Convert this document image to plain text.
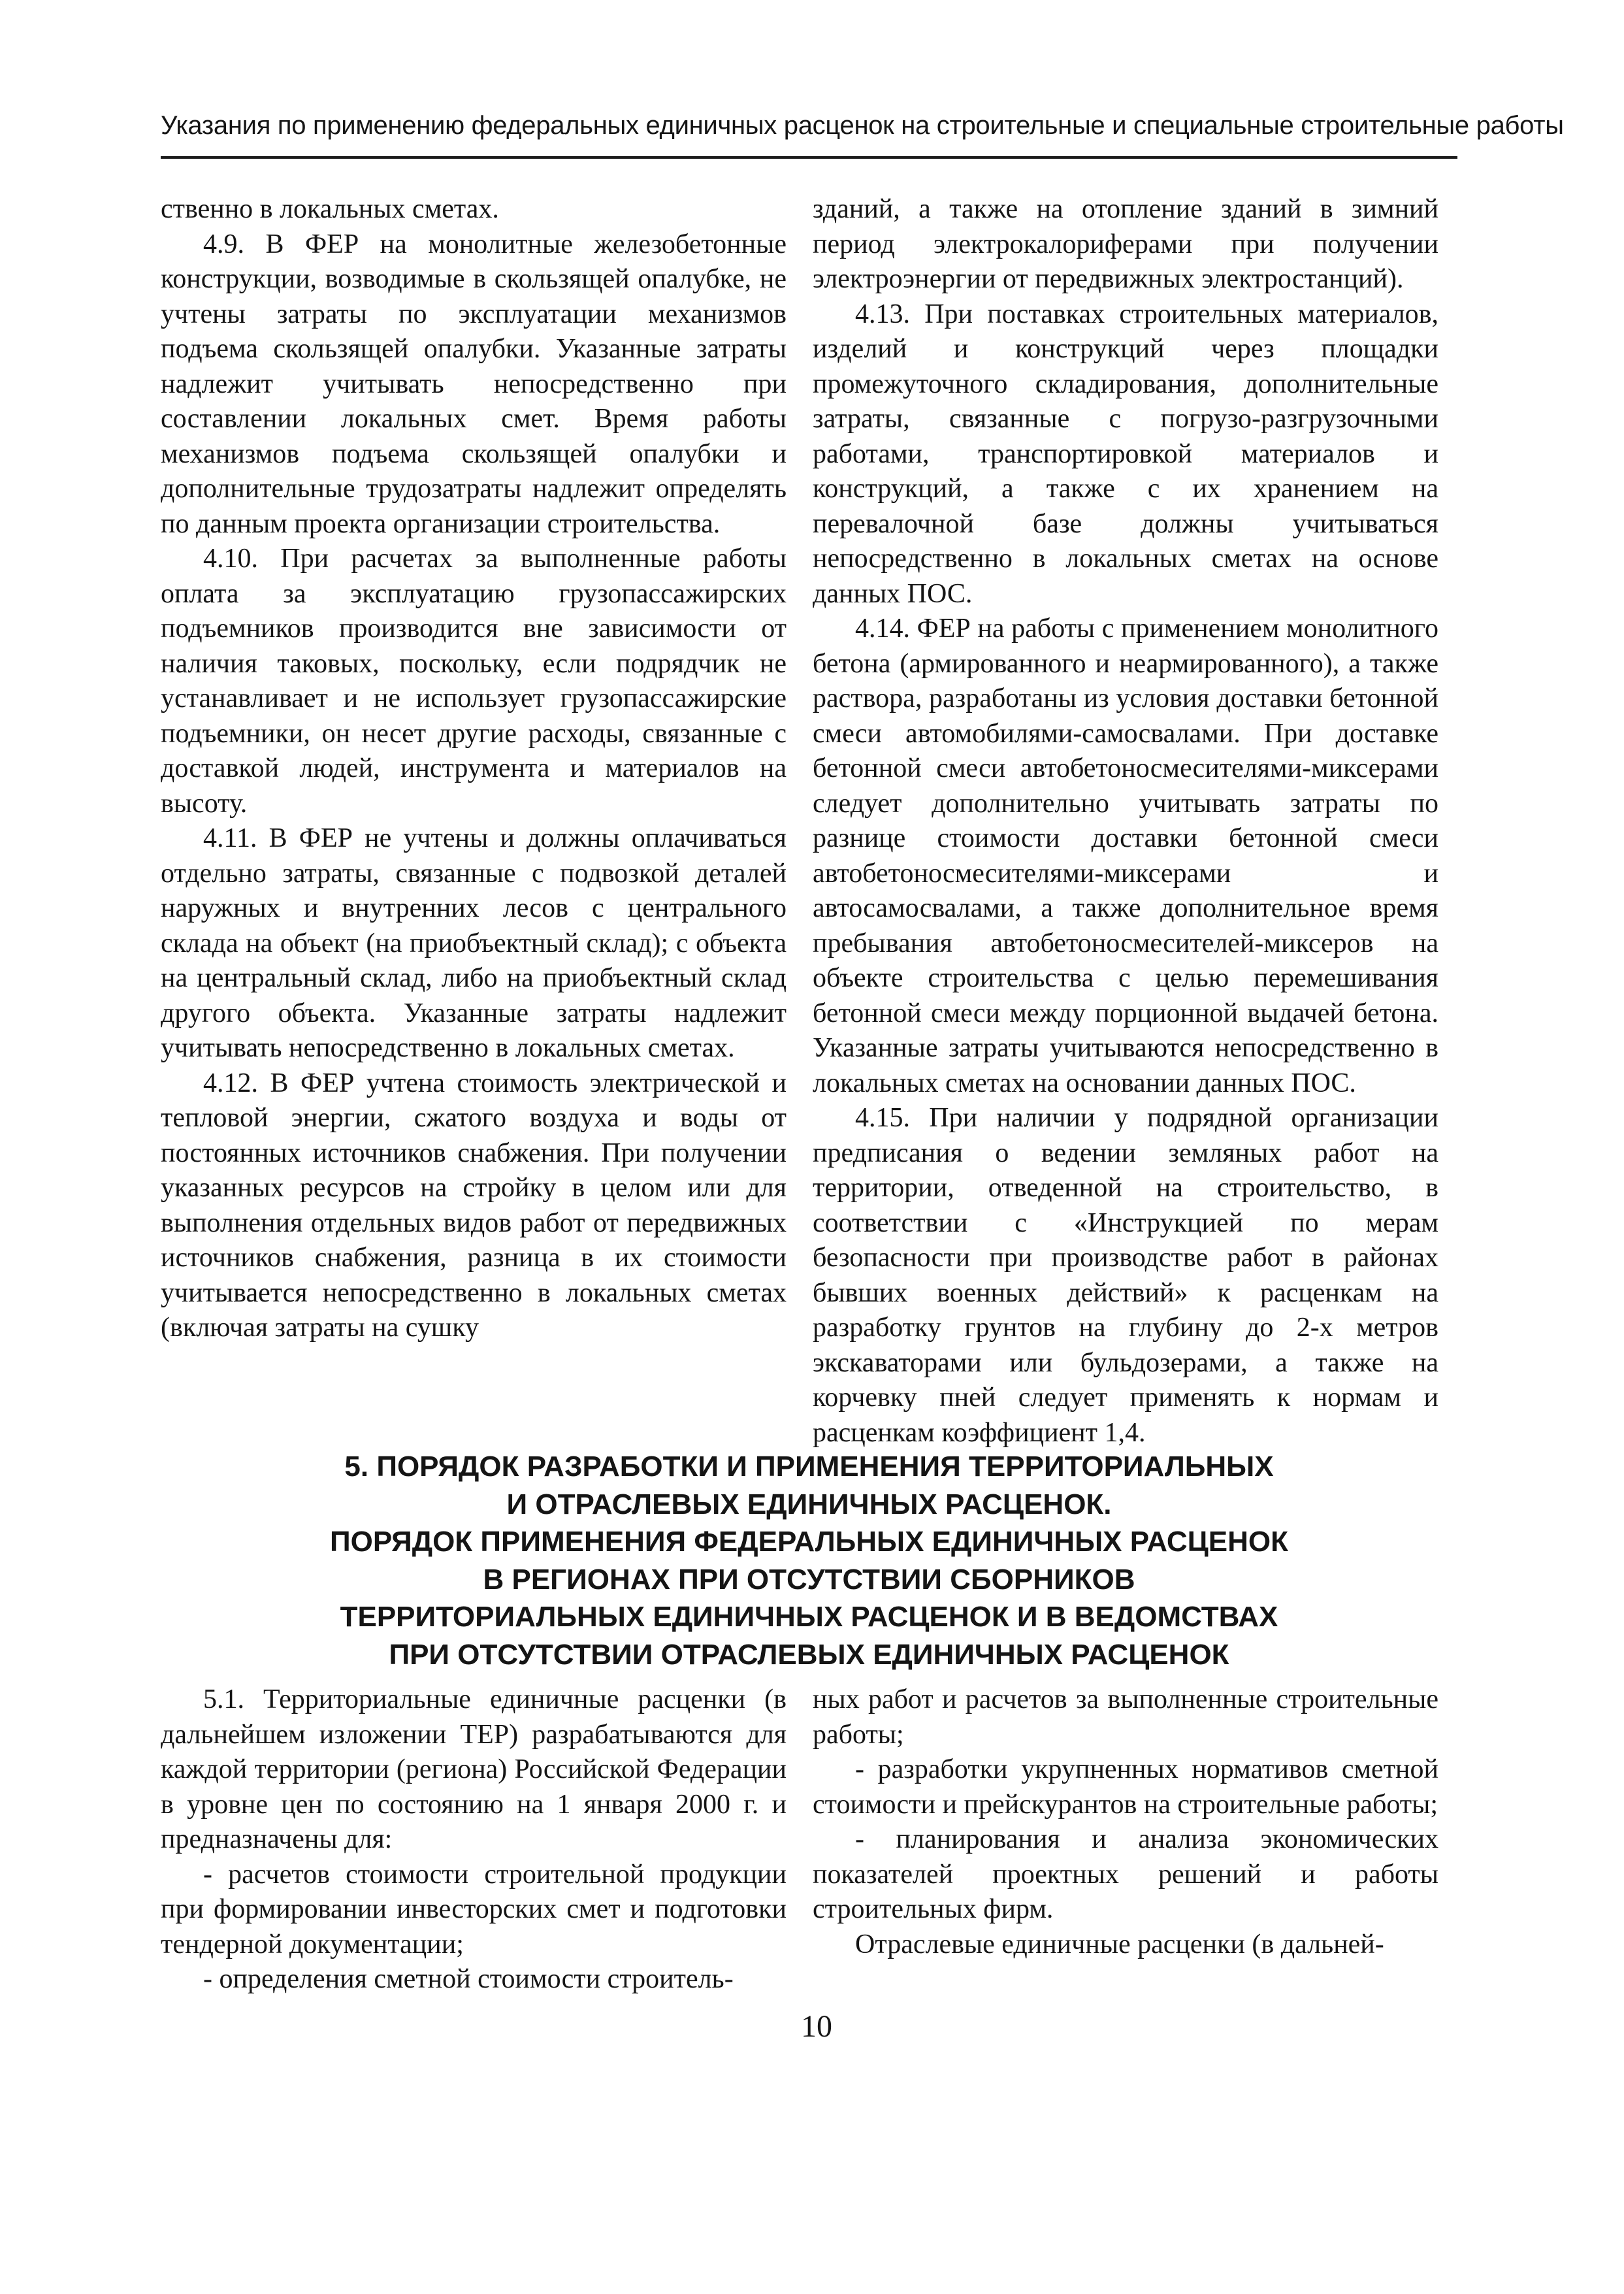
Указания по применению федеральных единичных расценок на строительные и специальные строительные работы

ственно в локальных сметах.

4.9. В ФЕР на монолитные железобетонные конструкции, возводимые в скользящей опалубке, не учтены затраты по эксплуатации механизмов подъема скользящей опалубки. Указанные затраты надлежит учитывать непосредственно при составлении локальных смет. Время работы механизмов подъема скользящей опалубки и дополнительные трудозатраты надлежит определять по данным проекта организации строительства.

4.10. При расчетах за выполненные работы оплата за эксплуатацию грузопассажирских подъемников производится вне зависимости от наличия таковых, поскольку, если подрядчик не устанавливает и не использует грузопассажирские подъемники, он несет другие расходы, связанные с доставкой людей, инструмента и материалов на высоту.

4.11. В ФЕР не учтены и должны оплачиваться отдельно затраты, связанные с подвозкой деталей наружных и внутренних лесов с центрального склада на объект (на приобъектный склад); с объекта на центральный склад, либо на приобъектный склад другого объекта. Указанные затраты надлежит учитывать непосредственно в локальных сметах.

4.12. В ФЕР учтена стоимость электрической и тепловой энергии, сжатого воздуха и воды от постоянных источников снабжения. При получении указанных ресурсов на стройку в целом или для выполнения отдельных видов работ от передвижных источников снабжения, разница в их стоимости учитывается непосредственно в локальных сметах (включая затраты на сушку

зданий, а также на отопление зданий в зимний период электрокалориферами при получении электроэнергии от передвижных электростанций).

4.13. При поставках строительных материалов, изделий и конструкций через площадки промежуточного складирования, дополнительные затраты, связанные с погрузо-разгрузочными работами, транспортировкой материалов и конструкций, а также с их хранением на перевалочной базе должны учитываться непосредственно в локальных сметах на основе данных ПОС.

4.14. ФЕР на работы с применением монолитного бетона (армированного и неармированного), а также раствора, разработаны из условия доставки бетонной смеси автомобилями-самосвалами. При доставке бетонной смеси автобетоносмесителями-миксерами следует дополнительно учитывать затраты по разнице стоимости доставки бетонной смеси автобетоносмесителями-миксерами и автосамосвалами, а также дополнительное время пребывания автобетоносмесителей-миксеров на объекте строительства с целью перемешивания бетонной смеси между порционной выдачей бетона. Указанные затраты учитываются непосредственно в локальных сметах на основании данных ПОС.

4.15. При наличии у подрядной организации предписания о ведении земляных работ на территории, отведенной на строительство, в соответствии с «Инструкцией по мерам безопасности при производстве работ в районах бывших военных действий» к расценкам на разработку грунтов на глубину до 2-х метров экскаваторами или бульдозерами, а также на корчевку пней следует применять к нормам и расценкам коэффициент 1,4.

5. ПОРЯДОК РАЗРАБОТКИ И ПРИМЕНЕНИЯ ТЕРРИТОРИАЛЬНЫХ
И ОТРАСЛЕВЫХ ЕДИНИЧНЫХ РАСЦЕНОК.
ПОРЯДОК ПРИМЕНЕНИЯ ФЕДЕРАЛЬНЫХ ЕДИНИЧНЫХ РАСЦЕНОК
В РЕГИОНАХ ПРИ ОТСУТСТВИИ СБОРНИКОВ
ТЕРРИТОРИАЛЬНЫХ ЕДИНИЧНЫХ РАСЦЕНОК И В ВЕДОМСТВАХ
ПРИ ОТСУТСТВИИ ОТРАСЛЕВЫХ ЕДИНИЧНЫХ РАСЦЕНОК

5.1. Территориальные единичные расценки (в дальнейшем изложении ТЕР) разрабатываются для каждой территории (региона) Российской Федерации в уровне цен по состоянию на 1 января 2000 г. и предназначены для:

- расчетов стоимости строительной продукции при формировании инвесторских смет и подготовки тендерной документации;

- определения сметной стоимости строитель-

ных работ и расчетов за выполненные строительные работы;

- разработки укрупненных нормативов сметной стоимости и прейскурантов на строительные работы;

- планирования и анализа экономических показателей проектных решений и работы строительных фирм.

Отраслевые единичные расценки (в дальней-

10
